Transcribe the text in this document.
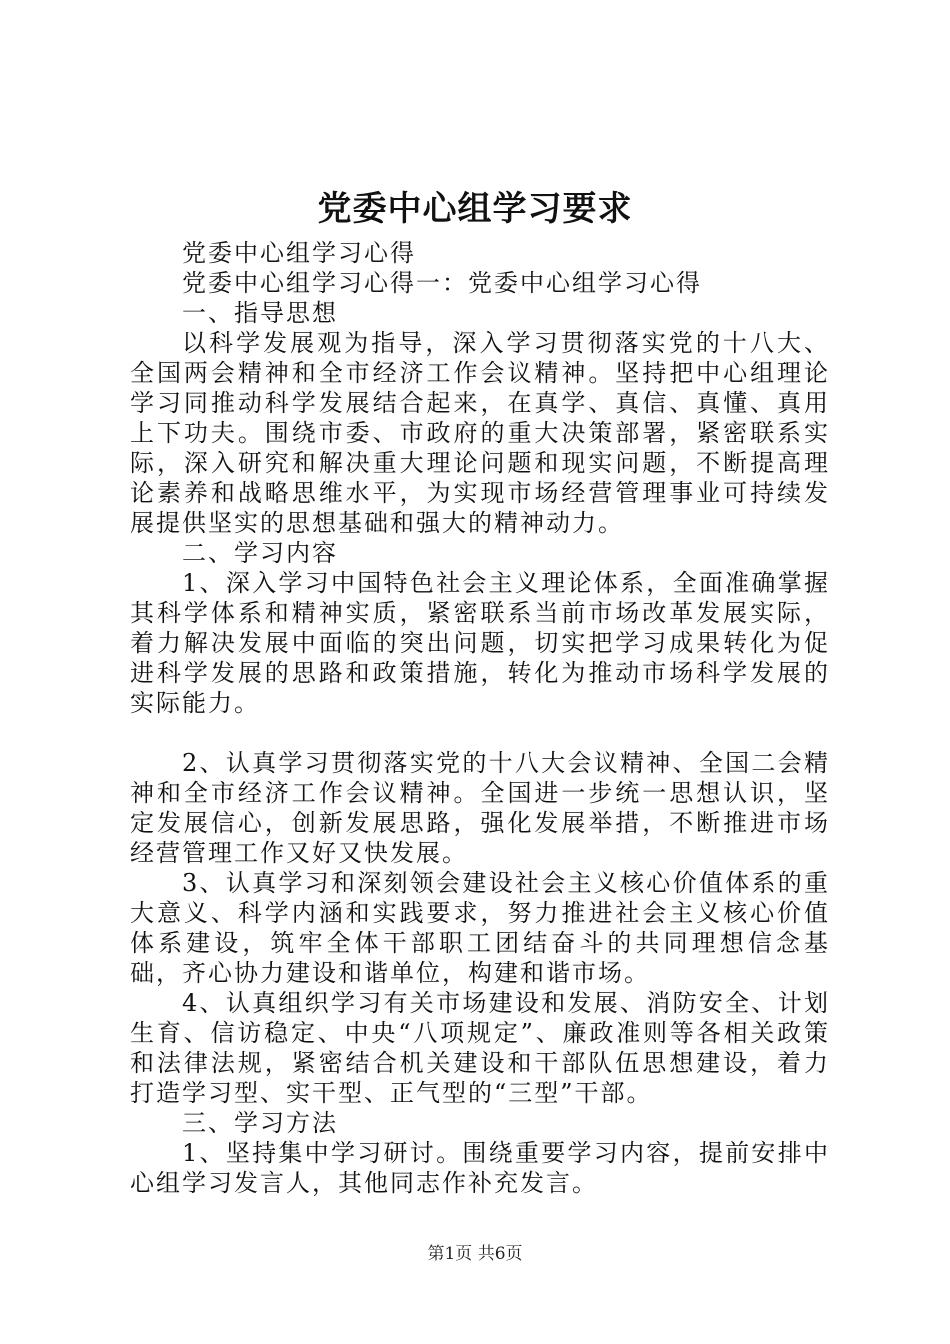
党委中心组学习要求

党委中心组学习心得

党委中心组学习心得一：党委中心组学习心得

一、指导思想

以科学发展观为指导，深入学习贯彻落实党的十八大、全国两会精神和全市经济工作会议精神。坚持把中心组理论学习同推动科学发展结合起来，在真学、真信、真懂、真用上下功夫。围绕市委、市政府的重大决策部署，紧密联系实际，深入研究和解决重大理论问题和现实问题，不断提高理论素养和战略思维水平，为实现市场经营管理事业可持续发展提供坚实的思想基础和强大的精神动力。

二、学习内容

1、深入学习中国特色社会主义理论体系，全面准确掌握其科学体系和精神实质，紧密联系当前市场改革发展实际，着力解决发展中面临的突出问题，切实把学习成果转化为促进科学发展的思路和政策措施，转化为推动市场科学发展的实际能力。

2、认真学习贯彻落实党的十八大会议精神、全国二会精神和全市经济工作会议精神。全国进一步统一思想认识，坚定发展信心，创新发展思路，强化发展举措，不断推进市场经营管理工作又好又快发展。

3、认真学习和深刻领会建设社会主义核心价值体系的重大意义、科学内涵和实践要求，努力推进社会主义核心价值体系建设，筑牢全体干部职工团结奋斗的共同理想信念基础，齐心协力建设和谐单位，构建和谐市场。

4、认真组织学习有关市场建设和发展、消防安全、计划生育、信访稳定、中央“八项规定”、廉政准则等各相关政策和法律法规，紧密结合机关建设和干部队伍思想建设，着力打造学习型、实干型、正气型的“三型”干部。

三、学习方法

1、坚持集中学习研讨。围绕重要学习内容，提前安排中心组学习发言人，其他同志作补充发言。

第1页 共6页
